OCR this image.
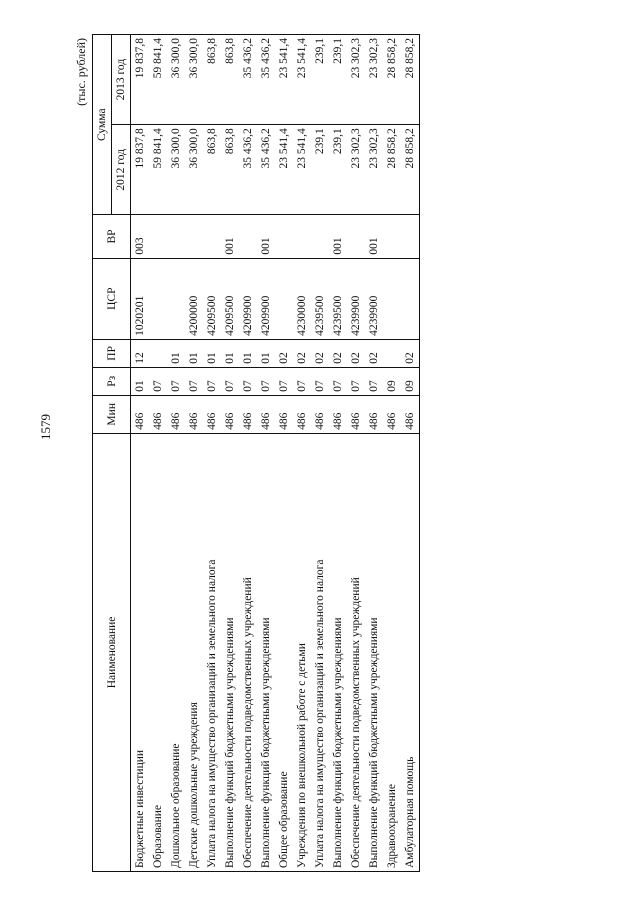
1579
(тыс. рублей)
Наименование	Мин	Рз	ПР	ЦСР	ВР	Сумма	
						2012 год	2013 год
Бюджетные инвестиции	486	01	12	1020201	003	19 837,8	19 837,8
Образование	486	07				59 841,4	59 841,4
Дошкольное образование	486	07	01			36 300,0	36 300,0
Детские дошкольные учреждения	486	07	01	4200000		36 300,0	36 300,0
Уплата налога на имущество организаций и земельного налога	486	07	01	4209500		863,8	863,8
Выполнение функций бюджетными учреждениями	486	07	01	4209500	001	863,8	863,8
Обеспечение деятельности подведомственных учреждений	486	07	01	4209900		35 436,2	35 436,2
Выполнение функций бюджетными учреждениями	486	07	01	4209900	001	35 436,2	35 436,2
Общее образование	486	07	02			23 541,4	23 541,4
Учреждения по внешкольной работе с детьми	486	07	02	4230000		23 541,4	23 541,4
Уплата налога на имущество организаций и земельного налога	486	07	02	4239500		239,1	239,1
Выполнение функций бюджетными учреждениями	486	07	02	4239500	001	239,1	239,1
Обеспечение деятельности подведомственных учреждений	486	07	02	4239900		23 302,3	23 302,3
Выполнение функций бюджетными учреждениями	486	07	02	4239900	001	23 302,3	23 302,3
Здравоохранение	486	09				28 858,2	28 858,2
Амбулаторная помощь	486	09	02			28 858,2	28 858,2
